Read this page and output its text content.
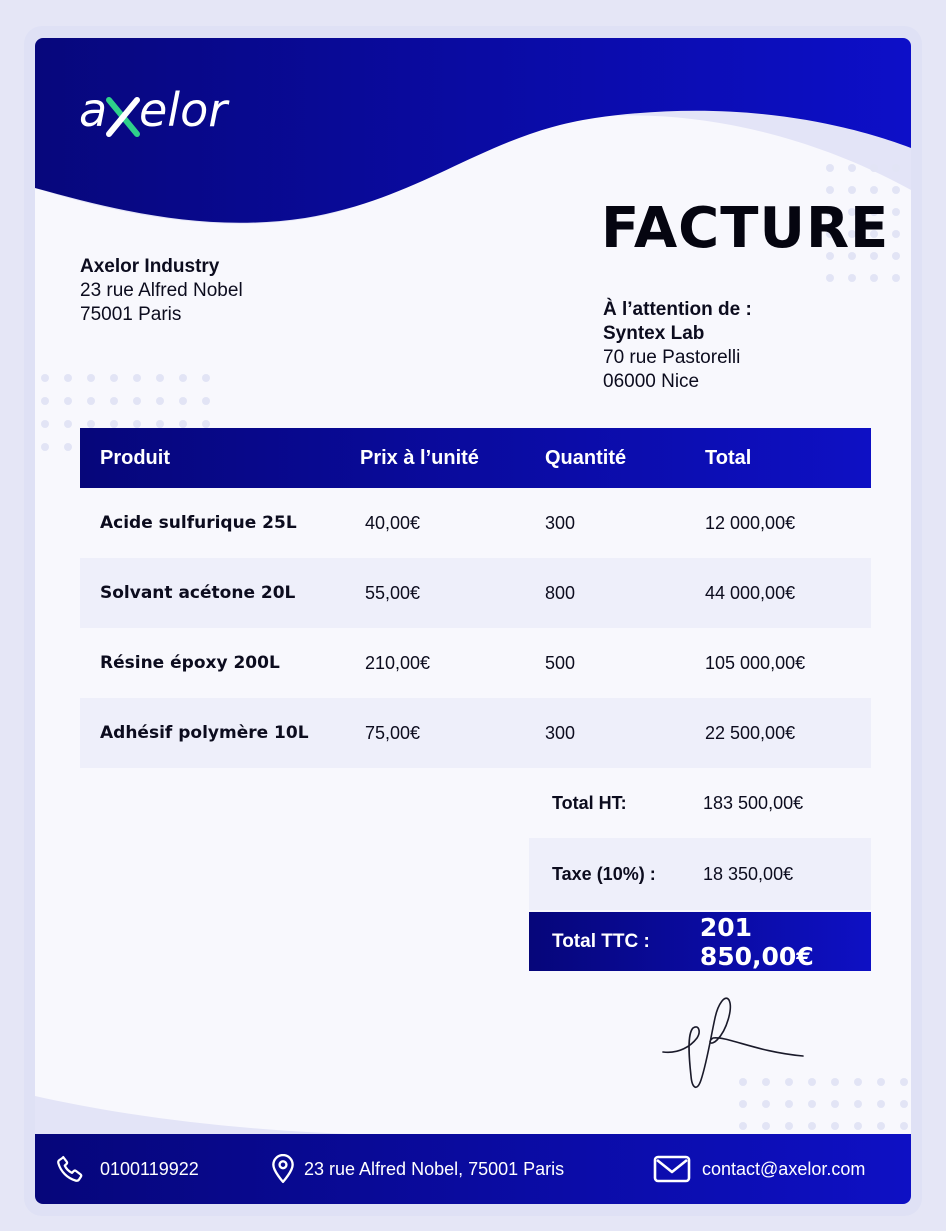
a elor
FACTURE
Axelor Industry
23 rue Alfred Nobel
75001 Paris	À l’attention de :
Syntex Lab
70 rue Pastorelli
06000 Nice
Produit	Prix à l’unité	Quantité	Total
Acide sulfurique 25L	40,00€	300	12 000,00€
Solvant acétone 20L	55,00€	800	44 000,00€
Résine époxy 200L	210,00€	500	105 000,00€
Adhésif polymère 10L	75,00€	300	22 500,00€
Total HT:	183 500,00€
Taxe (10%) :	18 350,00€
Total TTC :	201 850,00€
0100119922	23 rue Alfred Nobel, 75001 Paris	contact@axelor.com
